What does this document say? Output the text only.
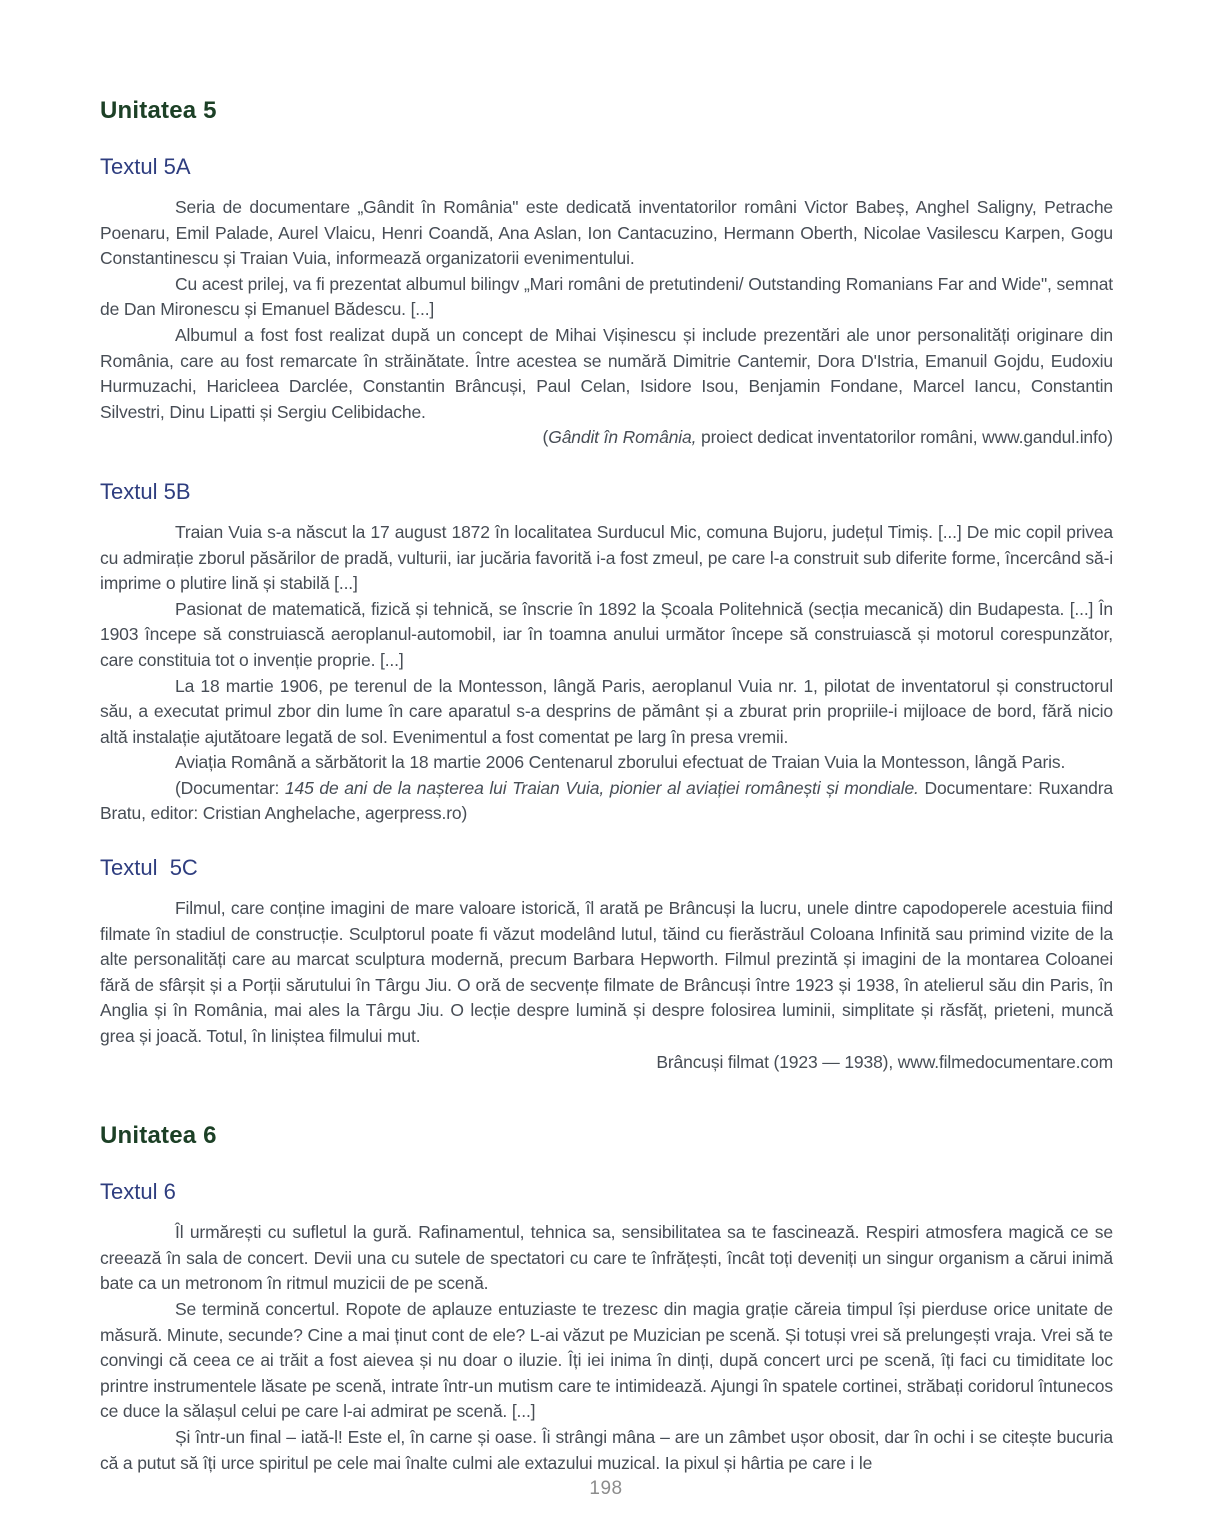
Unitatea 5
Textul 5A

Seria de documentare „Gândit în România" este dedicată inventatorilor români Victor Babeș, Anghel Saligny, Petrache Poenaru, Emil Palade, Aurel Vlaicu, Henri Coandă, Ana Aslan, Ion Cantacuzino, Hermann Oberth, Nicolae Vasilescu Karpen, Gogu Constantinescu și Traian Vuia, informează organizatorii evenimentului.

Cu acest prilej, va fi prezentat albumul bilingv „Mari români de pretutindeni/ Outstanding Romanians Far and Wide", semnat de Dan Mironescu și Emanuel Bădescu. [...]

Albumul a fost fost realizat după un concept de Mihai Vișinescu și include prezentări ale unor personalități originare din România, care au fost remarcate în străinătate. Între acestea se numără Dimitrie Cantemir, Dora D'Istria, Emanuil Gojdu, Eudoxiu Hurmuzachi, Haricleea Darclée, Constantin Brâncuși, Paul Celan, Isidore Isou, Benjamin Fondane, Marcel Iancu, Constantin Silvestri, Dinu Lipatti și Sergiu Celibidache.

(Gândit în România, proiect dedicat inventatorilor români, www.gandul.info)

Textul 5B

Traian Vuia s-a născut la 17 august 1872 în localitatea Surducul Mic, comuna Bujoru, județul Timiș. [...] De mic copil privea cu admirație zborul păsărilor de pradă, vulturii, iar jucăria favorită i-a fost zmeul, pe care l-a construit sub diferite forme, încercând să-i imprime o plutire lină și stabilă [...]

Pasionat de matematică, fizică și tehnică, se înscrie în 1892 la Școala Politehnică (secția mecanică) din Budapesta. [...] În 1903 începe să construiască aeroplanul-automobil, iar în toamna anului următor începe să construiască și motorul corespunzător, care constituia tot o invenție proprie. [...]

La 18 martie 1906, pe terenul de la Montesson, lângă Paris, aeroplanul Vuia nr. 1, pilotat de inventatorul și constructorul său, a executat primul zbor din lume în care aparatul s-a desprins de pământ și a zburat prin propriile-i mijloace de bord, fără nicio altă instalație ajutătoare legată de sol. Evenimentul a fost comentat pe larg în presa vremii.

Aviația Română a sărbătorit la 18 martie 2006 Centenarul zborului efectuat de Traian Vuia la Montesson, lângă Paris.

(Documentar: 145 de ani de la nașterea lui Traian Vuia, pionier al aviației românești și mondiale. Documentare: Ruxandra Bratu, editor: Cristian Anghelache, agerpress.ro)

Textul  5C

Filmul, care conține imagini de mare valoare istorică, îl arată pe Brâncuși la lucru, unele dintre capodoperele acestuia fiind filmate în stadiul de construcție. Sculptorul poate fi văzut modelând lutul, tăind cu fierăstrăul Coloana Infinită sau primind vizite de la alte personalități care au marcat sculptura modernă, precum Barbara Hepworth. Filmul prezintă și imagini de la montarea Coloanei fără de sfârșit și a Porții sărutului în Târgu Jiu. O oră de secvențe filmate de Brâncuși între 1923 și 1938, în atelierul său din Paris, în Anglia și în România, mai ales la Târgu Jiu. O lecție despre lumină și despre folosirea luminii, simplitate și răsfăț, prieteni, muncă grea și joacă. Totul, în liniștea filmului mut.

Brâncuși filmat (1923 — 1938), www.filmedocumentare.com

Unitatea 6
Textul 6

Îl urmărești cu sufletul la gură. Rafinamentul, tehnica sa, sensibilitatea sa te fascinează. Respiri atmosfera magică ce se creează în sala de concert. Devii una cu sutele de spectatori cu care te înfrățești, încât toți deveniți un singur organism a cărui inimă bate ca un metronom în ritmul muzicii de pe scenă.

Se termină concertul. Ropote de aplauze entuziaste te trezesc din magia grație căreia timpul își pierduse orice unitate de măsură. Minute, secunde? Cine a mai ținut cont de ele? L-ai văzut pe Muzician pe scenă. Și totuși vrei să prelungești vraja. Vrei să te convingi că ceea ce ai trăit a fost aievea și nu doar o iluzie. Îți iei inima în dinți, după concert urci pe scenă, îți faci cu timiditate loc printre instrumentele lăsate pe scenă, intrate într-un mutism care te intimidează. Ajungi în spatele cortinei, străbați coridorul întunecos ce duce la sălașul celui pe care l-ai admirat pe scenă. [...]

Și într-un final – iată-l! Este el, în carne și oase. Îi strângi mâna – are un zâmbet ușor obosit, dar în ochi i se citește bucuria că a putut să îți urce spiritul pe cele mai înalte culmi ale extazului muzical. Ia pixul și hârtia pe care i le

198
